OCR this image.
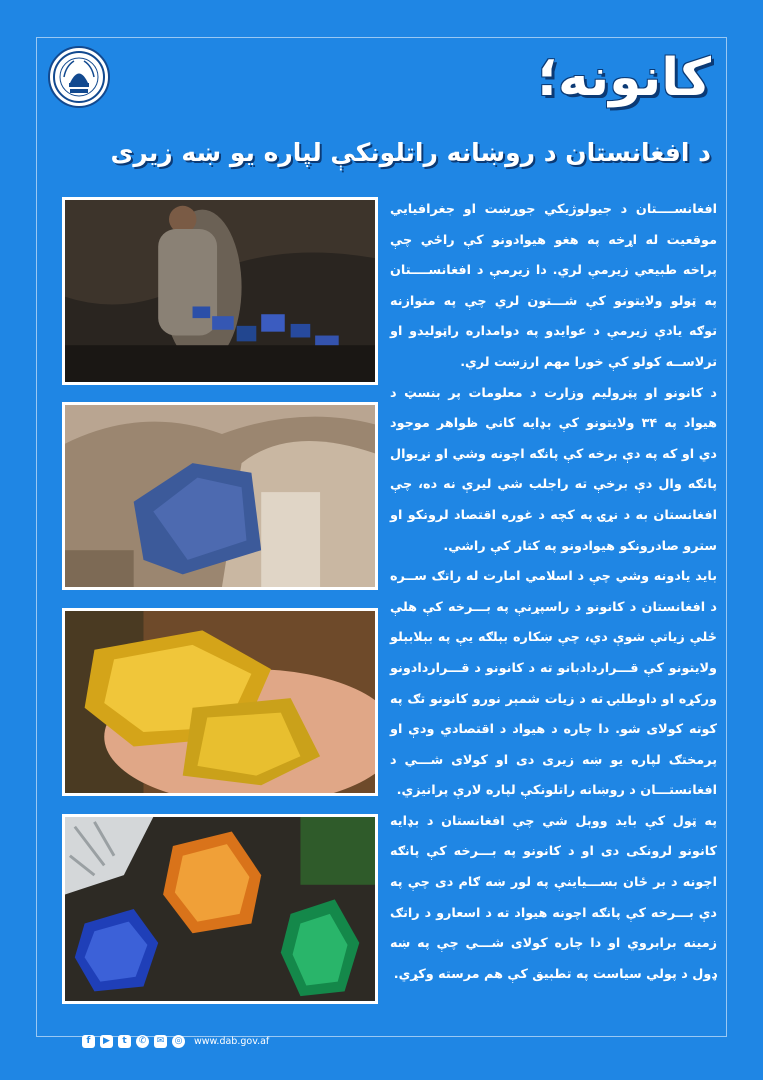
کانونه؛
د افغانستان د روښانه راتلونکې لپاره یو ښه زیرى

افغانســــتان د جیولوژیکي جوړښت او جغرافیایي موقعیت له اړخه په هغو هیوادونو کې راځي چې پراخه طبیعي زیرمې لري. دا زیرمې د افغانســــتان په ټولو ولایتونو کې شـــتون لري چې په متوازنه توګه یادې زیرمې د عوایدو په دوامداره راټولیدو او ترلاســه کولو کې خورا مهم ارزښت لري.

د کانونو او پټرولیم وزارت د معلومات پر بنسټ د هیواد په ۳۴ ولایتونو کې بډایه کاني ظواهر موجود دي او که په دې برخه کې پانګه اچونه وشي او نړیوال پانګه وال دې برخې ته راجلب شي لیرې نه ده، چې افغانستان به د نړۍ په کچه د غوره اقتصاد لرونکو او سترو صادرونکو هیوادونو په کتار کې راشي.

باید یادونه وشي چې د اسلامي امارت له راتګ ســره د افغانستان د کانونو د راسپړنې په بـــرخه کې هلې ځلې زیاتې شوې دي، چې ښکاره بېلګه یې په بېلابېلو ولایتونو کې قـــرارداد‌بانو ته د کانونو د قـــرارداد‌ونو ورکړه او داوطلبۍ ته د زیات شمېر نورو کانونو تګ په کوته کولای شو. دا چاره د هیواد د اقتصادي ودې او پرمختګ لپاره یو ښه زیرى دی او کولای شـــي د افغانستـــان د روښانه راتلونکې لپاره لارې پرانیزي.

په ټول کې باید ووېل شي چې افغانستان د بډایه کانونو لرونکی دی او د کانونو په بـــرخه کې پانګه اچونه د بر ځان بســـیاینې په لور ښه ګام دی چې په دې بـــرخه کې پانګه اچونه هیواد ته د اسعارو د راتګ زمینه برابروي او دا چاره کولای شـــي چې په ښه ډول د پولي سیاست په تطبیق کې هم مرسته وکړي.

f	▶	t	✆	✉	◎ www.dab.gov.af
